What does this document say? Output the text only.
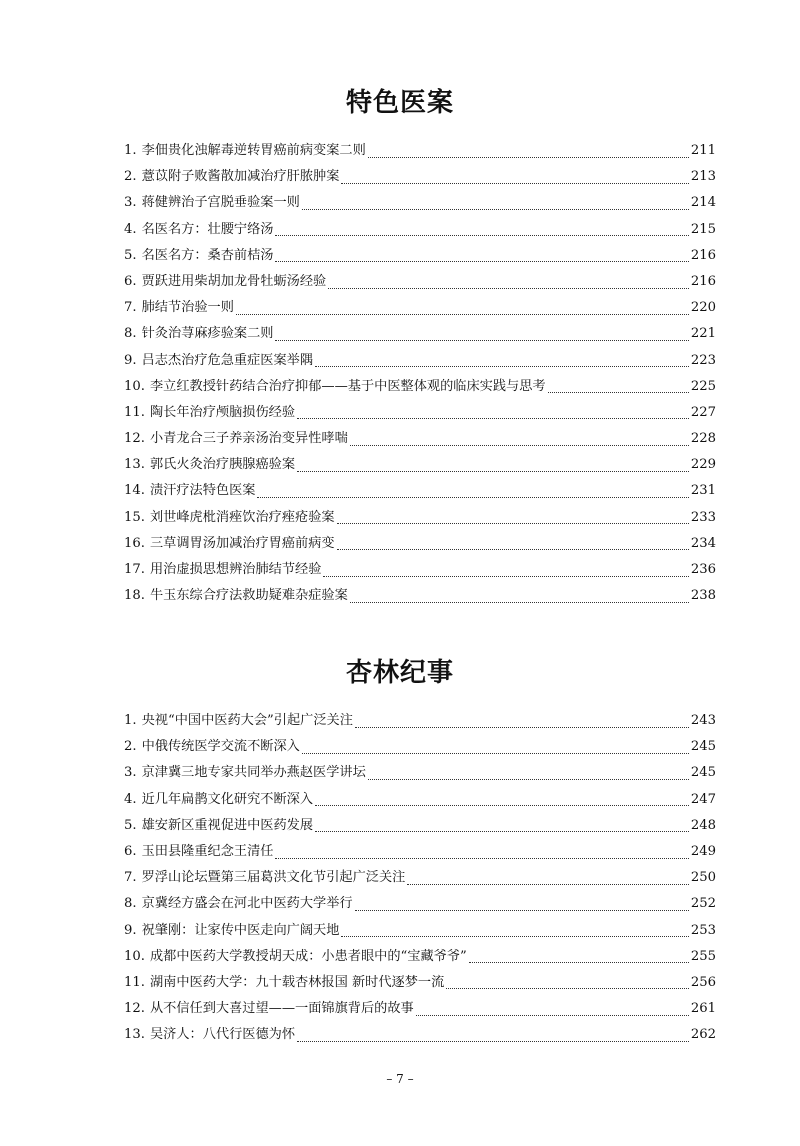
特色医案
1. 李佃贵化浊解毒逆转胃癌前病变案二则	211
2. 薏苡附子败酱散加减治疗肝脓肿案	213
3. 蒋健辨治子宫脱垂验案一则	214
4. 名医名方：壮腰宁络汤	215
5. 名医名方：桑杏前桔汤	216
6. 贾跃进用柴胡加龙骨牡蛎汤经验	216
7. 肺结节治验一则	220
8. 针灸治荨麻疹验案二则	221
9. 吕志杰治疗危急重症医案举隅	223
10. 李立红教授针药结合治疗抑郁——基于中医整体观的临床实践与思考	225
11. 陶长年治疗颅脑损伤经验	227
12. 小青龙合三子养亲汤治变异性哮喘	228
13. 郭氏火灸治疗胰腺癌验案	229
14. 渍汗疗法特色医案	231
15. 刘世峰虎枇消痤饮治疗痤疮验案	233
16. 三草调胃汤加减治疗胃癌前病变	234
17. 用治虚损思想辨治肺结节经验	236
18. 牛玉东综合疗法救助疑难杂症验案	238
杏林纪事
1. 央视“中国中医药大会”引起广泛关注	243
2. 中俄传统医学交流不断深入	245
3. 京津冀三地专家共同举办燕赵医学讲坛	245
4. 近几年扁鹊文化研究不断深入	247
5. 雄安新区重视促进中医药发展	248
6. 玉田县隆重纪念王清任	249
7. 罗浮山论坛暨第三届葛洪文化节引起广泛关注	250
8. 京冀经方盛会在河北中医药大学举行	252
9. 祝肇刚：让家传中医走向广阔天地	253
10. 成都中医药大学教授胡天成：小患者眼中的“宝藏爷爷”	255
11. 湖南中医药大学：九十载杏林报国 新时代逐梦一流	256
12. 从不信任到大喜过望——一面锦旗背后的故事	261
13. 吴济人：八代行医德为怀	262
– 7 –
